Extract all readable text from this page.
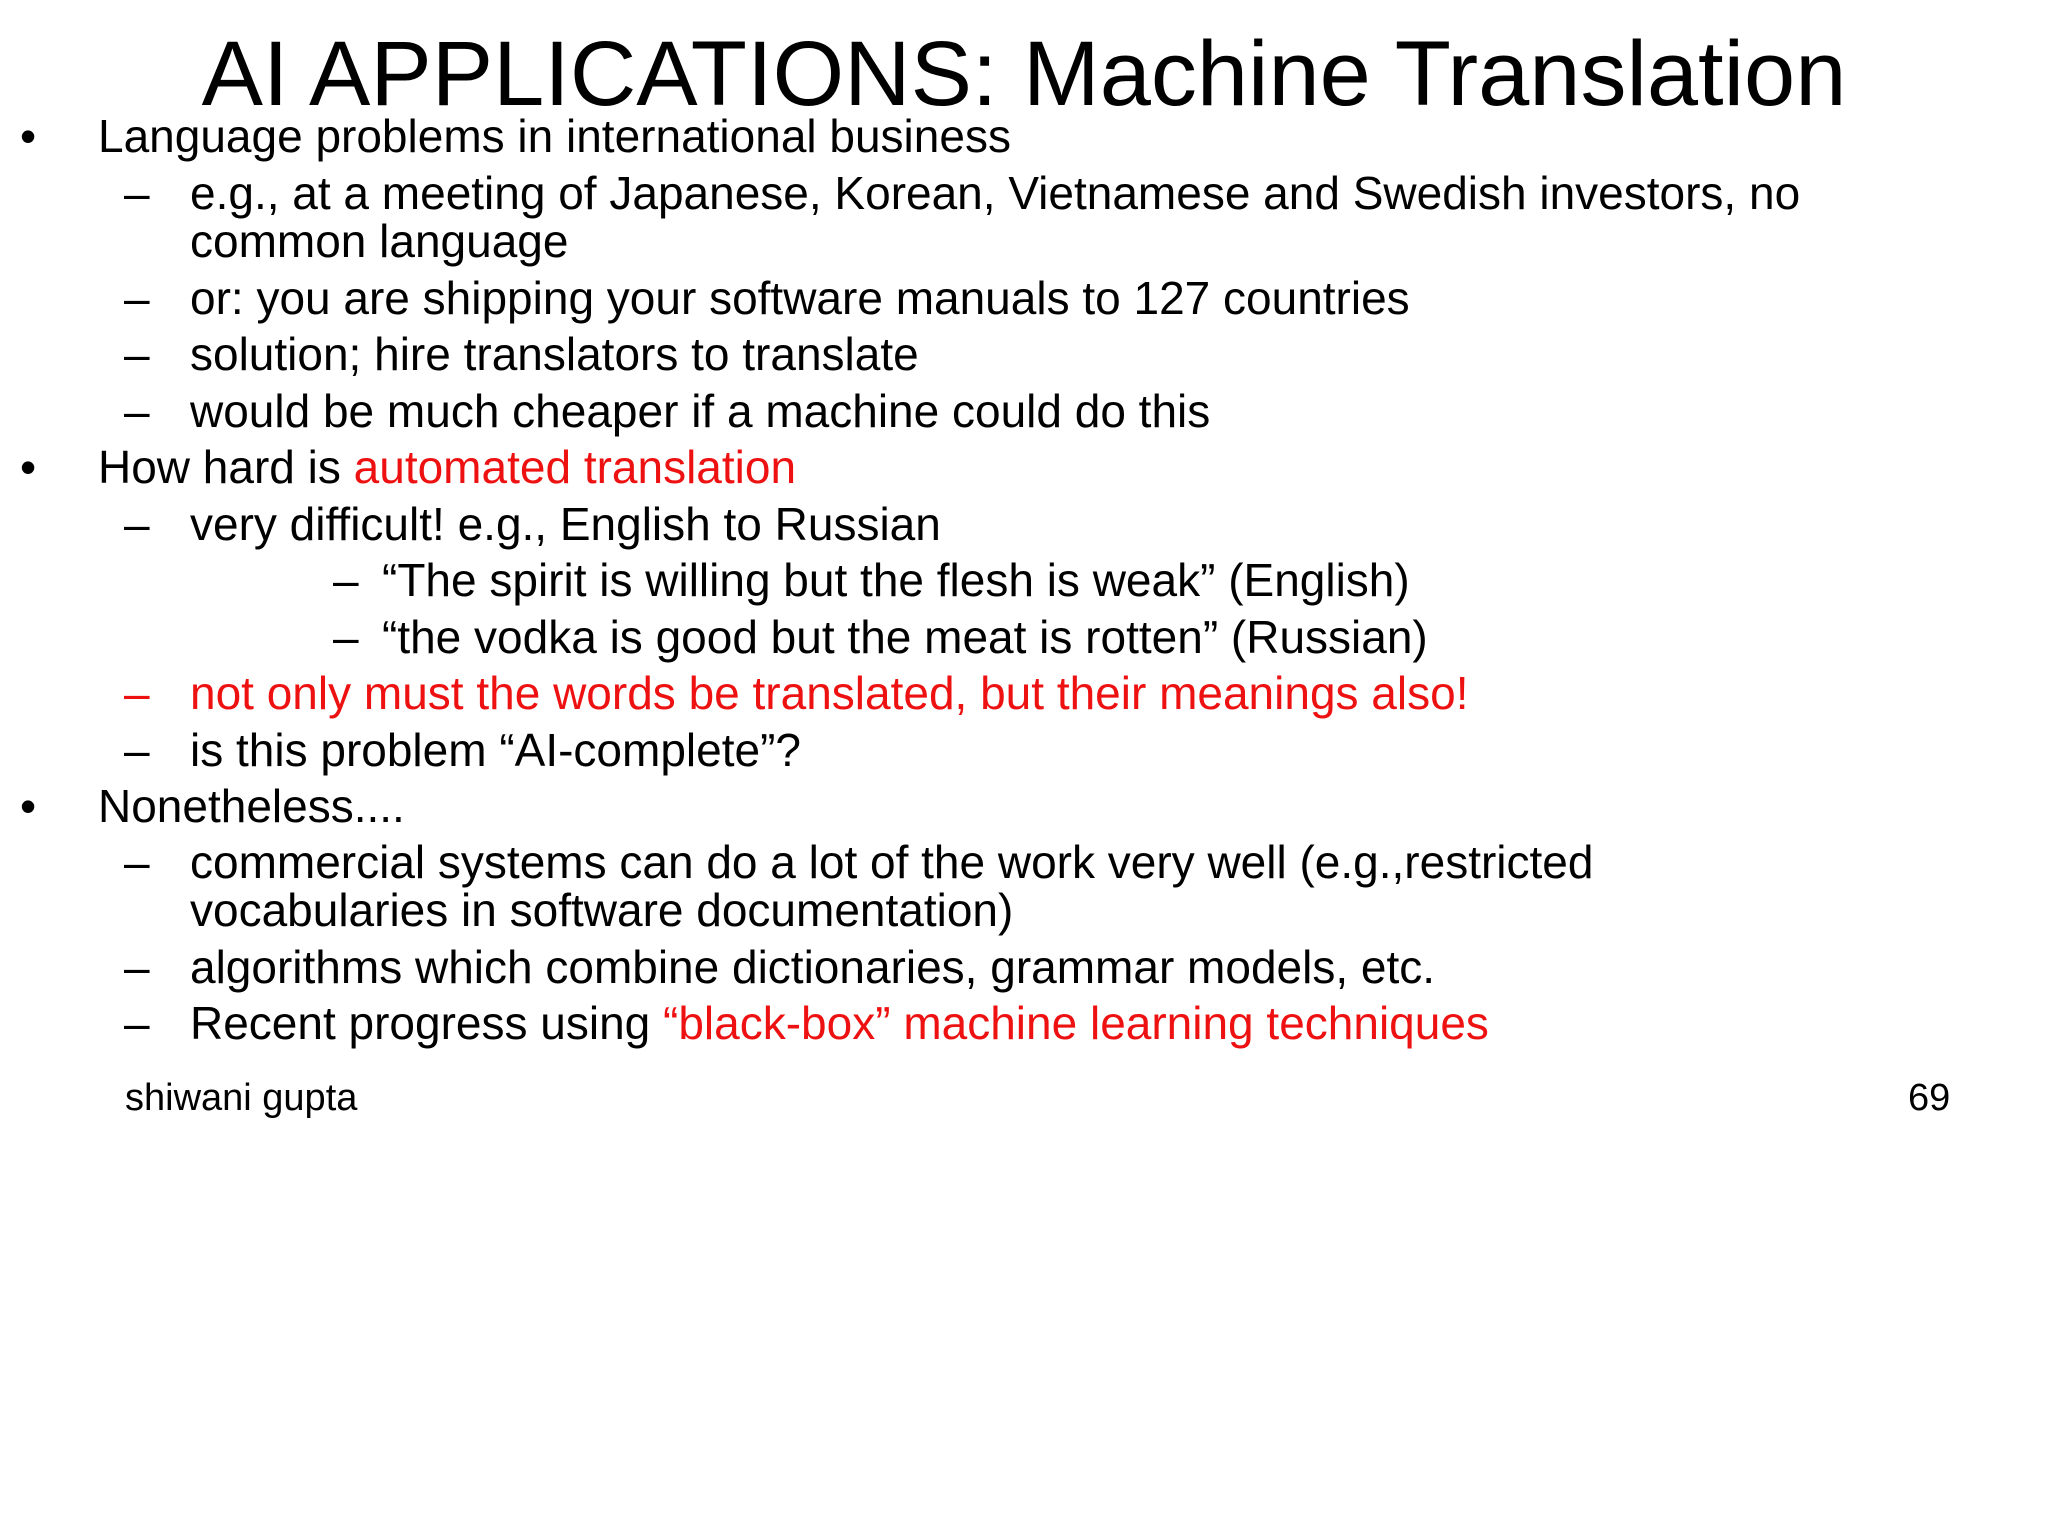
AI APPLICATIONS: Machine Translation
• Language problems in international business
– e.g., at a meeting of Japanese, Korean, Vietnamese and Swedish investors, no
common language
– or: you are shipping your software manuals to 127 countries
– solution; hire translators to translate
– would be much cheaper if a machine could do this
• How hard is automated translation
– very difficult! e.g., English to Russian
– “The spirit is willing but the flesh is weak” (English)
– “the vodka is good but the meat is rotten” (Russian)
– not only must the words be translated, but their meanings also!
– is this problem “AI-complete”?
• Nonetheless....
– commercial systems can do a lot of the work very well (e.g.,restricted
vocabularies in software documentation)
– algorithms which combine dictionaries, grammar models, etc.
– Recent progress using “black-box” machine learning techniques
shiwani gupta	69
